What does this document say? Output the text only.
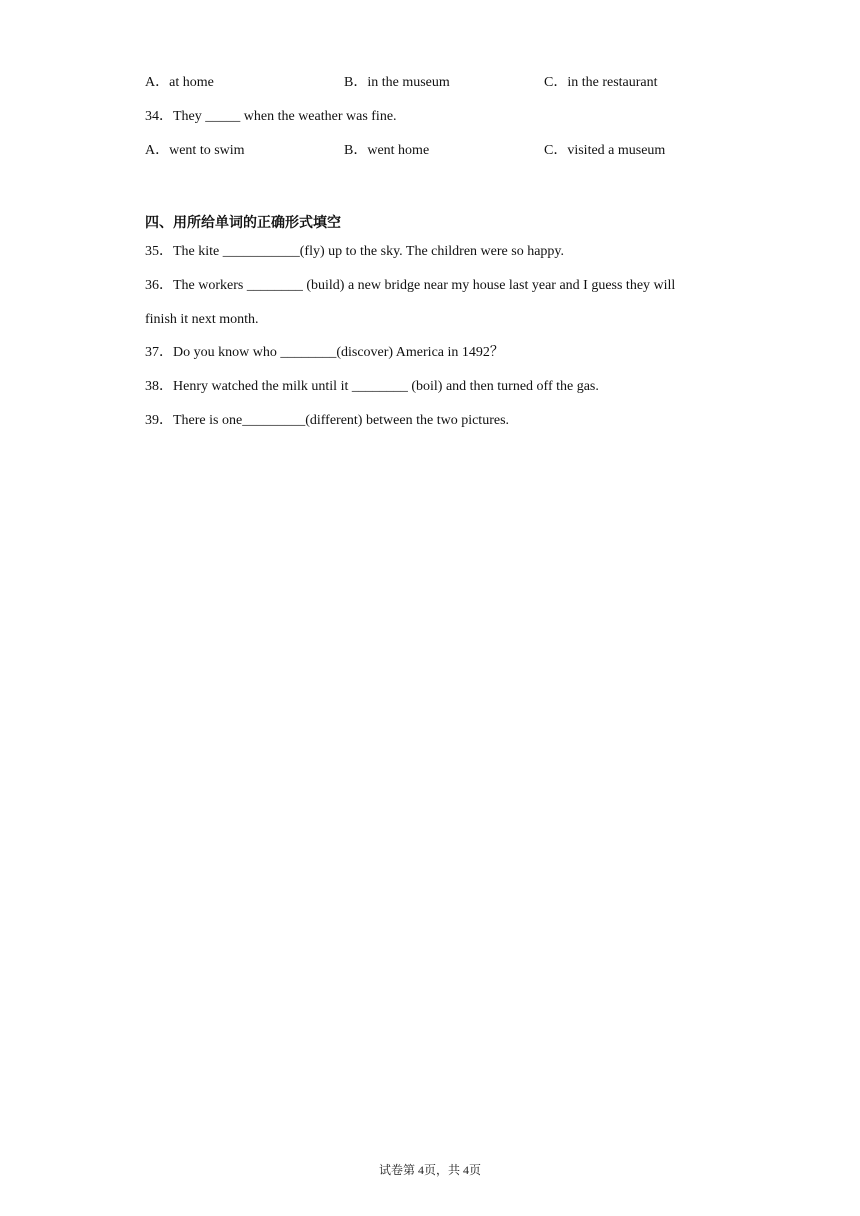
A．at home	B．in the museum	C．in the restaurant
34．They _____ when the weather was fine.
A．went to swim	B．went home	C．visited a museum
四、用所给单词的正确形式填空
35．The kite ___________(fly) up to the sky. The children were so happy.
36．The workers ________ (build) a new bridge near my house last year and I guess they will
finish it next month.
37．Do you know who ________(discover) America in 1492？
38．Henry watched the milk until it ________ (boil) and then turned off the gas.
39．There is one_________(different) between the two pictures.
试卷第 4页，共 4页
